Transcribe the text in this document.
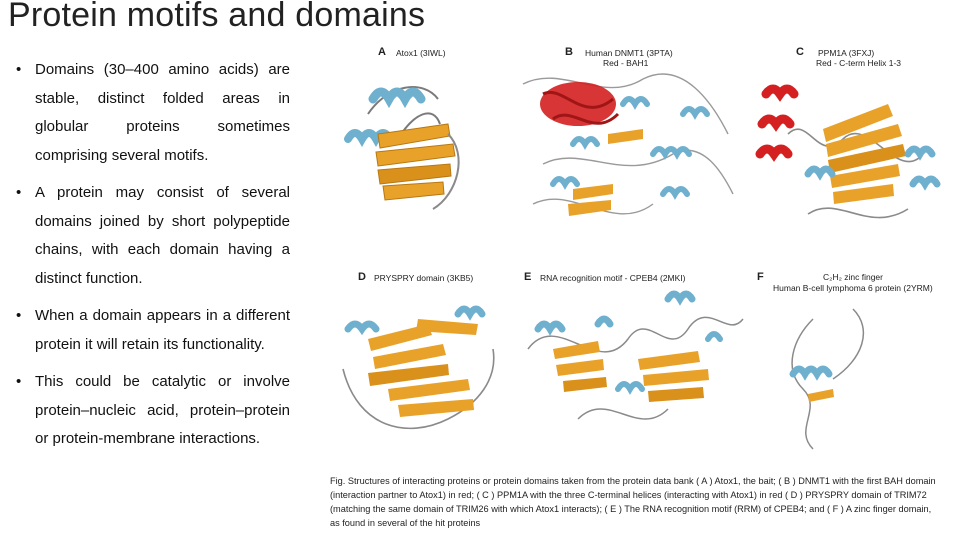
Protein motifs and domains
• Domains (30–400 amino acids) are stable, distinct folded areas in globular proteins sometimes comprising several motifs.
• A protein may consist of several domains joined by short polypeptide chains, with each domain having a distinct function.
• When a domain appears in a different protein it will retain its functionality.
• This could be catalytic or involve protein–nucleic acid, protein–protein or protein-membrane interactions.
A Atox1 (3IWL)	B Human DNMT1 (3PTA)
Red - BAH1
C PPM1A (3FXJ)
Red - C-term Helix 1-3
D PRYSPRY domain (3KB5)	E RNA recognition motif - CPEB4 (2MKI)	F	C₂H₂ zinc finger
Human B-cell lymphoma 6 protein (2YRM)
Fig. Structures of interacting proteins or protein domains taken from the protein data bank ( A ) Atox1, the bait; ( B ) DNMT1 with the first BAH domain (interaction partner to Atox1) in red; ( C ) PPM1A with the three C-terminal helices (interacting with Atox1) in red ( D ) PRYSPRY domain of TRIM72 (matching the same domain of TRIM26 with which Atox1 interacts); ( E ) The RNA recognition motif (RRM) of CPEB4; and ( F ) A zinc finger domain, as found in several of the hit proteins
